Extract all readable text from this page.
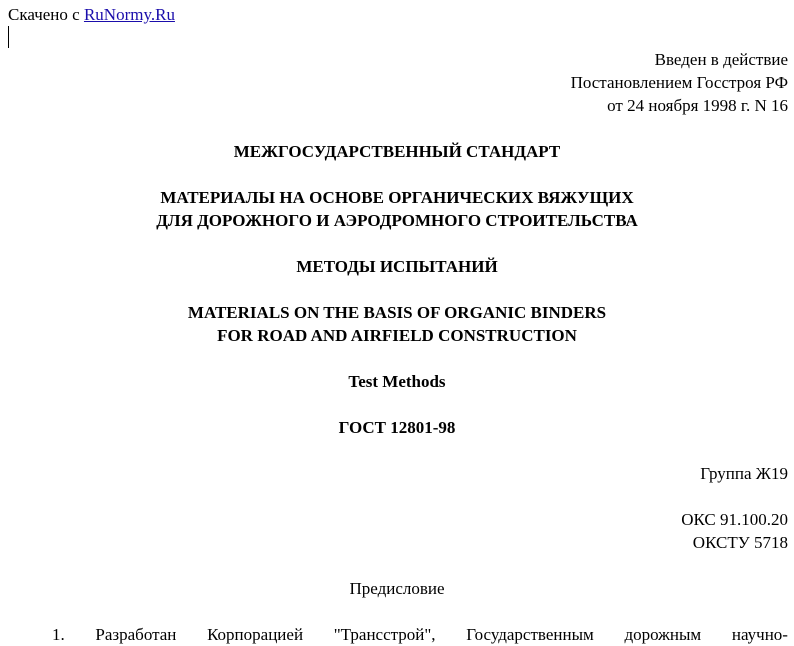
Скачено с RuNormy.Ru
Введен в действие
Постановлением Госстроя РФ
от 24 ноября 1998 г. N 16
МЕЖГОСУДАРСТВЕННЫЙ СТАНДАРТ
МАТЕРИАЛЫ НА ОСНОВЕ ОРГАНИЧЕСКИХ ВЯЖУЩИХ
ДЛЯ ДОРОЖНОГО И АЭРОДРОМНОГО СТРОИТЕЛЬСТВА
МЕТОДЫ ИСПЫТАНИЙ
MATERIALS ON THE BASIS OF ORGANIC BINDERS
FOR ROAD AND AIRFIELD CONSTRUCTION
Test Methods
ГОСТ 12801-98
Группа Ж19
ОКС 91.100.20
ОКСТУ 5718
Предисловие
1. Разработан Корпорацией "Трансстрой", Государственным дорожным научно-
